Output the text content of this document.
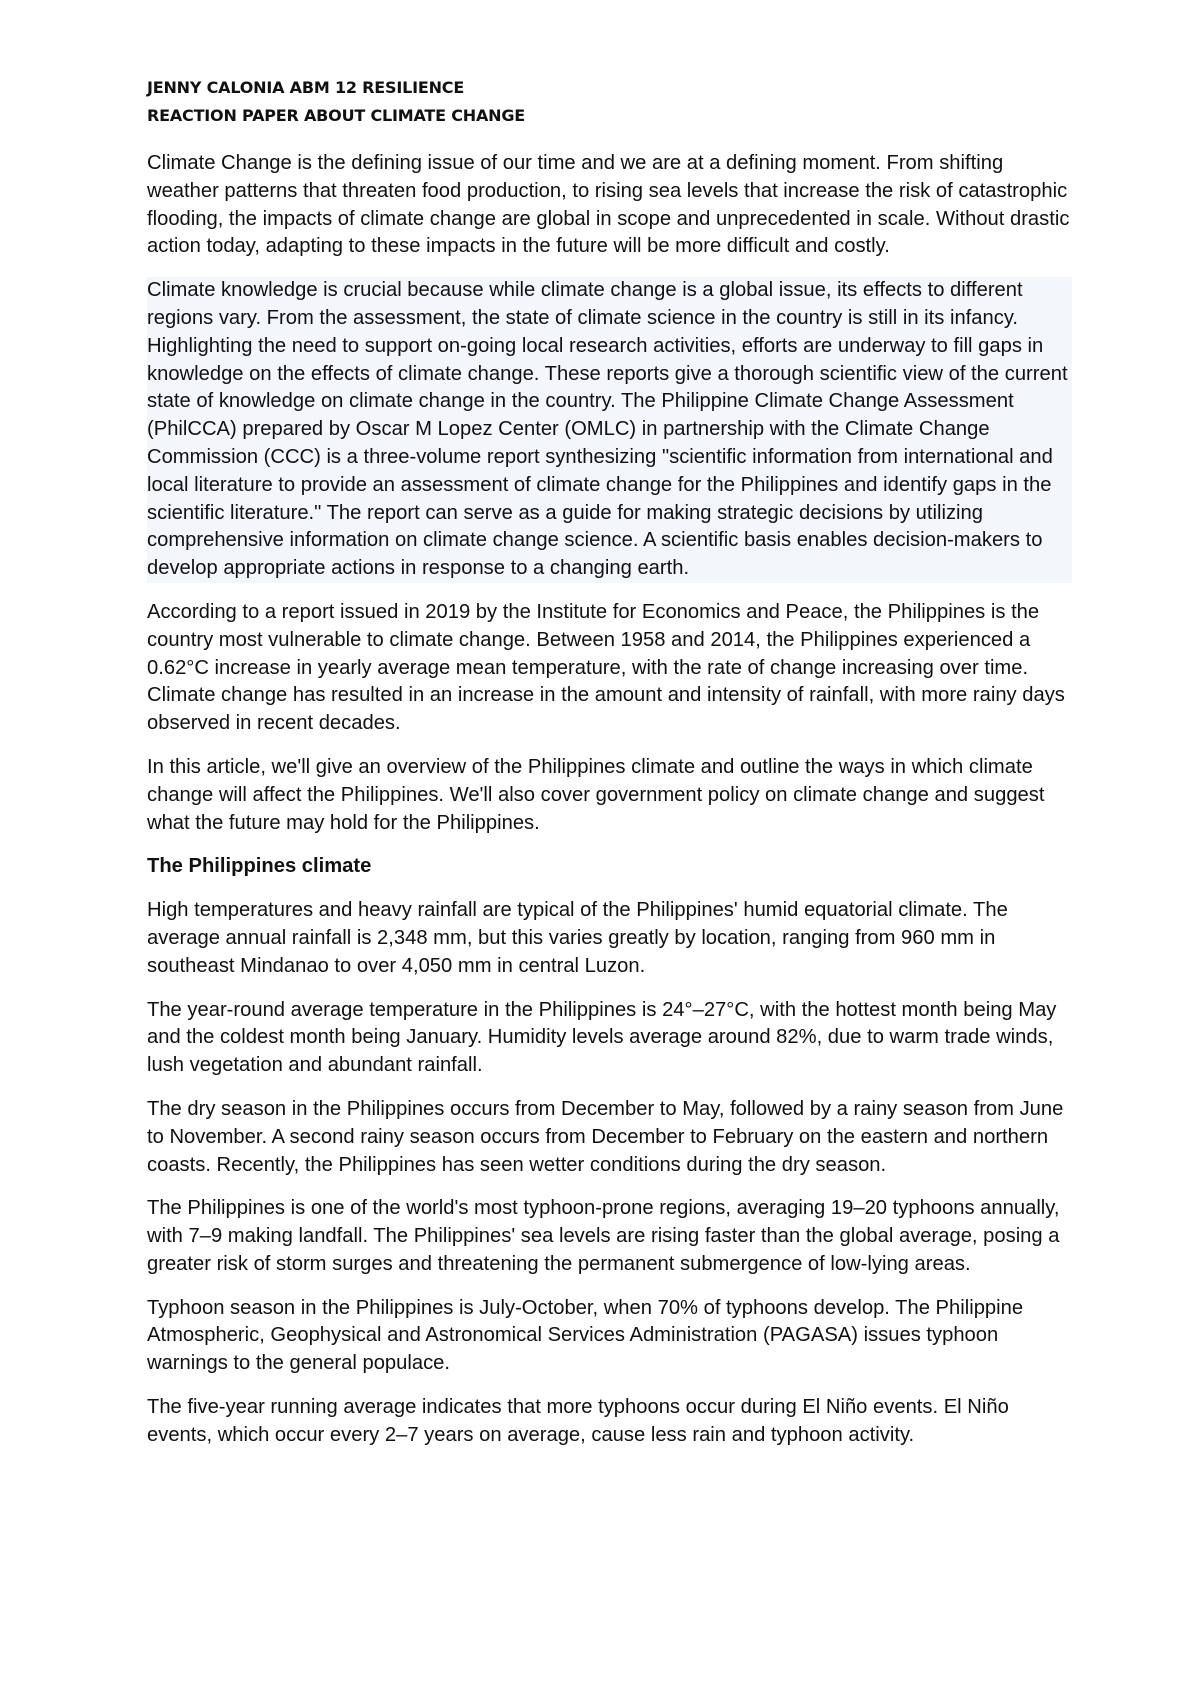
JENNY CALONIA ABM 12 RESILIENCE

REACTION PAPER ABOUT CLIMATE CHANGE

Climate Change is the defining issue of our time and we are at a defining moment. From shifting weather patterns that threaten food production, to rising sea levels that increase the risk of catastrophic flooding, the impacts of climate change are global in scope and unprecedented in scale. Without drastic action today, adapting to these impacts in the future will be more difficult and costly.

Climate knowledge is crucial because while climate change is a global issue, its effects to different regions vary. From the assessment, the state of climate science in the country is still in its infancy. Highlighting the need to support on-going local research activities, efforts are underway to fill gaps in knowledge on the effects of climate change. These reports give a thorough scientific view of the current state of knowledge on climate change in the country. The Philippine Climate Change Assessment (PhilCCA) prepared by Oscar M Lopez Center (OMLC) in partnership with the Climate Change Commission (CCC) is a three-volume report synthesizing "scientific information from international and local literature to provide an assessment of climate change for the Philippines and identify gaps in the scientific literature." The report can serve as a guide for making strategic decisions by utilizing comprehensive information on climate change science. A scientific basis enables decision-makers to develop appropriate actions in response to a changing earth.

According to a report issued in 2019 by the Institute for Economics and Peace, the Philippines is the country most vulnerable to climate change. Between 1958 and 2014, the Philippines experienced a 0.62°C increase in yearly average mean temperature, with the rate of change increasing over time. Climate change has resulted in an increase in the amount and intensity of rainfall, with more rainy days observed in recent decades.

In this article, we'll give an overview of the Philippines climate and outline the ways in which climate change will affect the Philippines. We'll also cover government policy on climate change and suggest what the future may hold for the Philippines.

The Philippines climate

High temperatures and heavy rainfall are typical of the Philippines' humid equatorial climate. The average annual rainfall is 2,348 mm, but this varies greatly by location, ranging from 960 mm in southeast Mindanao to over 4,050 mm in central Luzon.

The year-round average temperature in the Philippines is 24°–27°C, with the hottest month being May and the coldest month being January. Humidity levels average around 82%, due to warm trade winds, lush vegetation and abundant rainfall.

The dry season in the Philippines occurs from December to May, followed by a rainy season from June to November. A second rainy season occurs from December to February on the eastern and northern coasts. Recently, the Philippines has seen wetter conditions during the dry season.

The Philippines is one of the world's most typhoon-prone regions, averaging 19–20 typhoons annually, with 7–9 making landfall. The Philippines' sea levels are rising faster than the global average, posing a greater risk of storm surges and threatening the permanent submergence of low-lying areas.

Typhoon season in the Philippines is July-October, when 70% of typhoons develop. The Philippine Atmospheric, Geophysical and Astronomical Services Administration (PAGASA) issues typhoon warnings to the general populace.

The five-year running average indicates that more typhoons occur during El Niño events. El Niño events, which occur every 2–7 years on average, cause less rain and typhoon activity.
